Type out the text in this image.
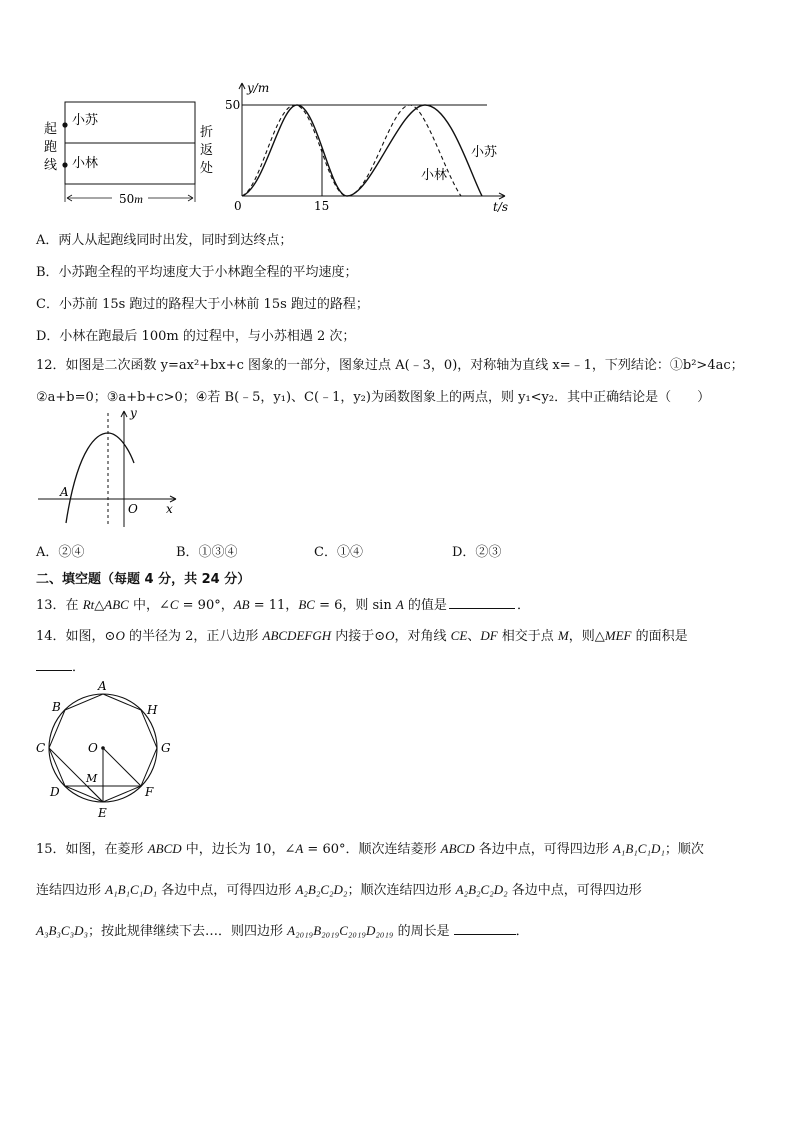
小苏
小林
50m
起
跑
线
折
返
处
y/m
t/s
50
15
0
小苏
小林
A．两人从起跑线同时出发，同时到达终点；
B．小苏跑全程的平均速度大于小林跑全程的平均速度；
C．小苏前 15s 跑过的路程大于小林前 15s 跑过的路程；
D．小林在跑最后 100m 的过程中，与小苏相遇 2 次；
12．如图是二次函数 y=ax²+bx+c 图象的一部分，图象过点 A(﹣3，0)，对称轴为直线 x=﹣1，下列结论：①b²>4ac；
②a+b=0；③a+b+c>0；④若 B(﹣5，y₁)、C(﹣1，y₂)为函数图象上的两点，则 y₁<y₂．其中正确结论是（　　）
y
x
O
A
A．②④	B．①③④	C．①④	D．②③
二、填空题（每题 4 分，共 24 分）
13．在 Rt△ABC 中，∠C = 90°，AB = 11，BC = 6，则 sin A 的值是	．
14．如图，⊙O 的半径为 2，正八边形 ABCDEFGH 内接于⊙O，对角线 CE、DF 相交于点 M，则△MEF 的面积是
．
A
B	H
C	G
O
M
D	F
E
15．如图，在菱形 ABCD 中，边长为 10，∠A = 60°．顺次连结菱形 ABCD 各边中点，可得四边形 A₁B₁C₁D₁；顺次
连结四边形 A₁B₁C₁D₁ 各边中点，可得四边形 A₂B₂C₂D₂；顺次连结四边形 A₂B₂C₂D₂ 各边中点，可得四边形
A₃B₃C₃D₃；按此规律继续下去…．则四边形 A₂₀₁₉B₂₀₁₉C₂₀₁₉D₂₀₁₉ 的周长是	．
